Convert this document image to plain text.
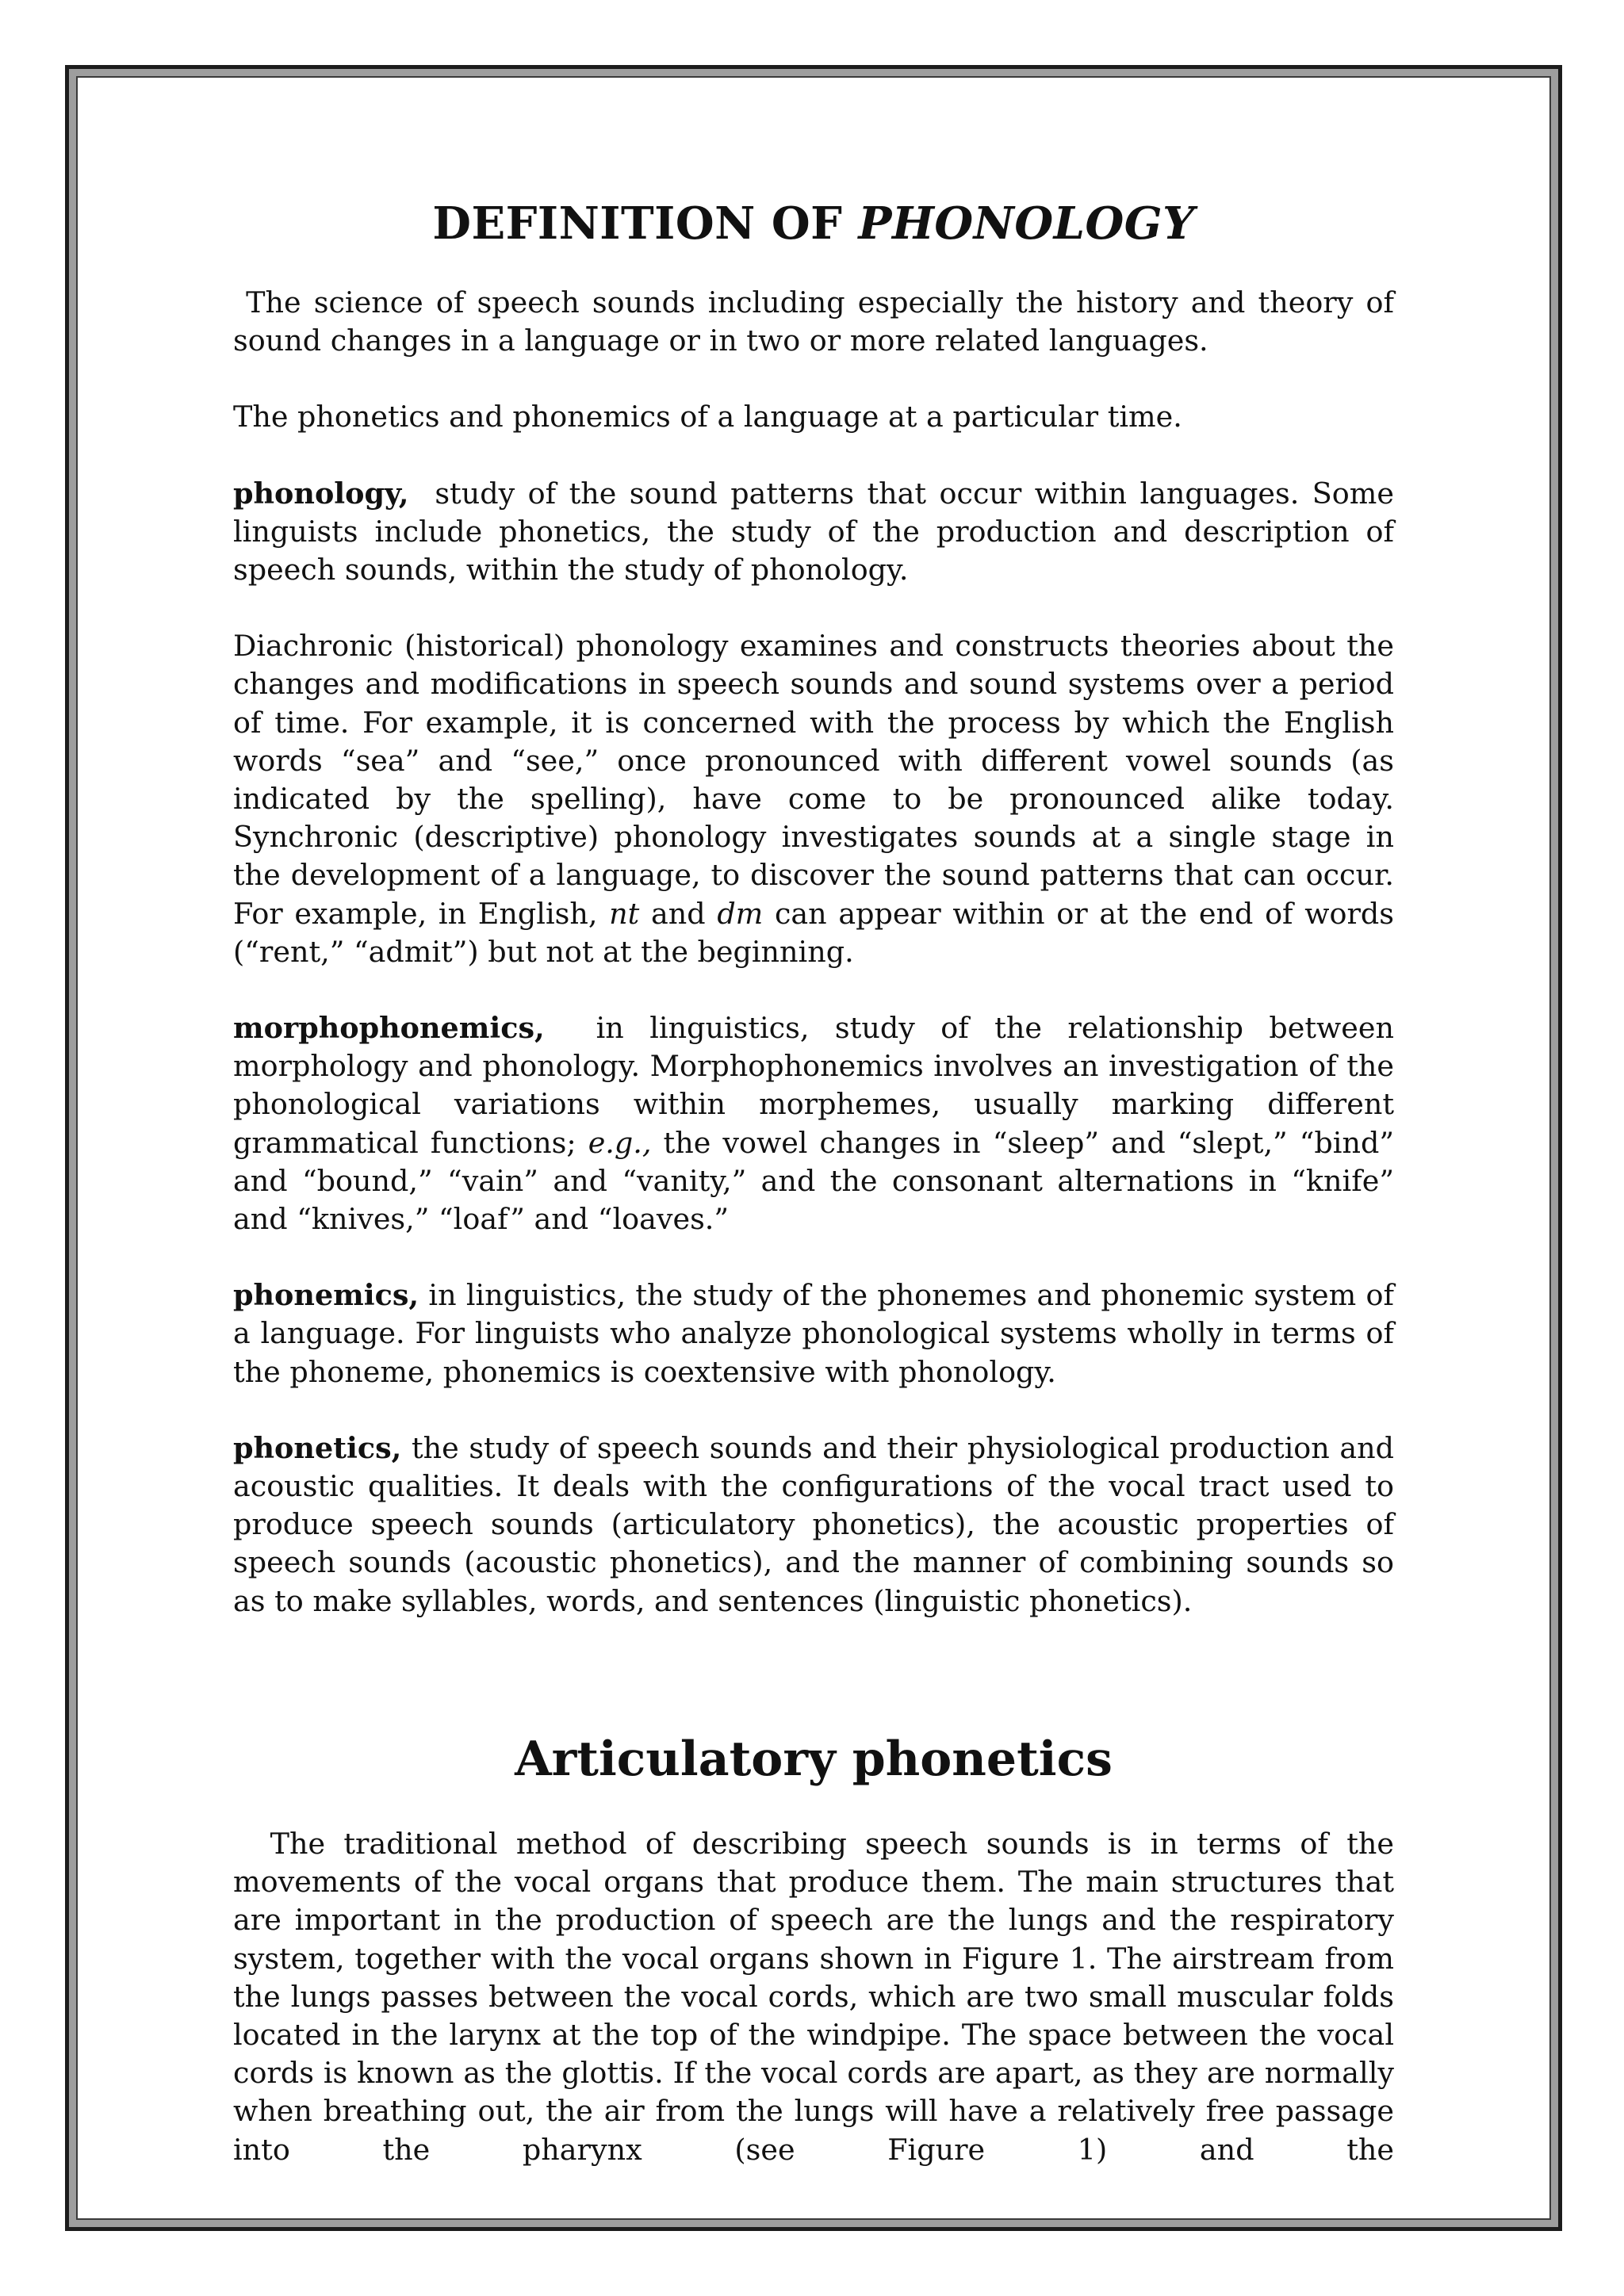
DEFINITION OF PHONOLOGY

The science of speech sounds including especially the history and theory of sound changes in a language or in two or more related languages.

The phonetics and phonemics of a language at a particular time.

phonology,  study of the sound patterns that occur within languages. Some linguists include phonetics, the study of the production and description of speech sounds, within the study of phonology.

Diachronic (historical) phonology examines and constructs theories about the changes and modifications in speech sounds and sound systems over a period of time. For example, it is concerned with the process by which the English words “sea” and “see,” once pronounced with different vowel sounds (as indicated by the spelling), have come to be pronounced alike today. Synchronic (descriptive) phonology investigates sounds at a single stage in the development of a language, to discover the sound patterns that can occur. For example, in English, nt and dm can appear within or at the end of words (“rent,” “admit”) but not at the beginning.

morphophonemics,  in linguistics, study of the relationship between morphology and phonology. Morphophonemics involves an investigation of the phonological variations within morphemes, usually marking different grammatical functions; e.g., the vowel changes in “sleep” and “slept,” “bind” and “bound,” “vain” and “vanity,” and the consonant alternations in “knife” and “knives,” “loaf” and “loaves.”

phonemics, in linguistics, the study of the phonemes and phonemic system of a language. For linguists who analyze phonological systems wholly in terms of the phoneme, phonemics is coextensive with phonology.

phonetics, the study of speech sounds and their physiological production and acoustic qualities. It deals with the configurations of the vocal tract used to produce speech sounds (articulatory phonetics), the acoustic properties of speech sounds (acoustic phonetics), and the manner of combining sounds so as to make syllables, words, and sentences (linguistic phonetics).

Articulatory phonetics

The traditional method of describing speech sounds is in terms of the movements of the vocal organs that produce them. The main structures that are important in the production of speech are the lungs and the respiratory system, together with the vocal organs shown in Figure 1. The airstream from the lungs passes between the vocal cords, which are two small muscular folds located in the larynx at the top of the windpipe. The space between the vocal cords is known as the glottis. If the vocal cords are apart, as they are normally when breathing out, the air from the lungs will have a relatively free passage into the pharynx (see Figure 1) and the
